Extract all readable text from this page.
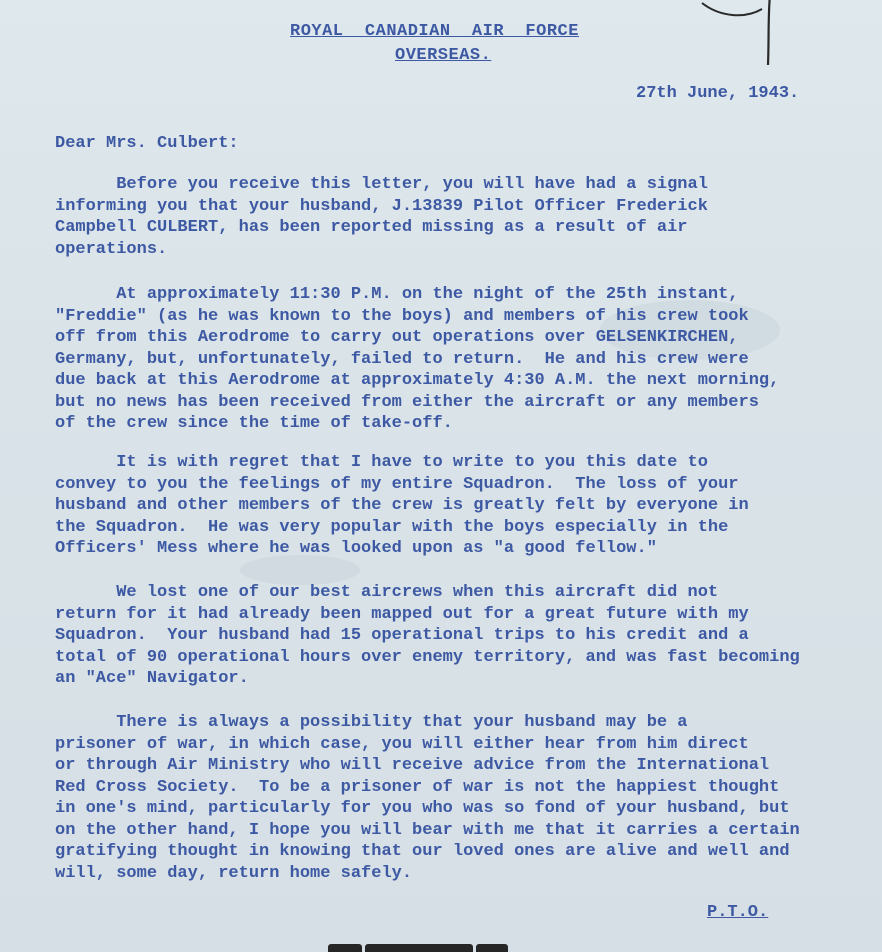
ROYAL  CANADIAN  AIR  FORCE
OVERSEAS.
27th June, 1943.
Dear Mrs. Culbert:
Before you receive this letter, you will have had a signal
informing you that your husband, J.13839 Pilot Officer Frederick
Campbell CULBERT, has been reported missing as a result of air
operations.
At approximately 11:30 P.M. on the night of the 25th instant,
"Freddie" (as he was known to the boys) and members of his crew took
off from this Aerodrome to carry out operations over GELSENKIRCHEN,
Germany, but, unfortunately, failed to return.  He and his crew were
due back at this Aerodrome at approximately 4:30 A.M. the next morning,
but no news has been received from either the aircraft or any members
of the crew since the time of take-off.
It is with regret that I have to write to you this date to
convey to you the feelings of my entire Squadron.  The loss of your
husband and other members of the crew is greatly felt by everyone in
the Squadron.  He was very popular with the boys especially in the
Officers' Mess where he was looked upon as "a good fellow."
We lost one of our best aircrews when this aircraft did not
return for it had already been mapped out for a great future with my
Squadron.  Your husband had 15 operational trips to his credit and a
total of 90 operational hours over enemy territory, and was fast becoming
an "Ace" Navigator.
There is always a possibility that your husband may be a
prisoner of war, in which case, you will either hear from him direct
or through Air Ministry who will receive advice from the International
Red Cross Society.  To be a prisoner of war is not the happiest thought
in one's mind, particularly for you who was so fond of your husband, but
on the other hand, I hope you will bear with me that it carries a certain
gratifying thought in knowing that our loved ones are alive and well and
will, some day, return home safely.
P.T.O.
